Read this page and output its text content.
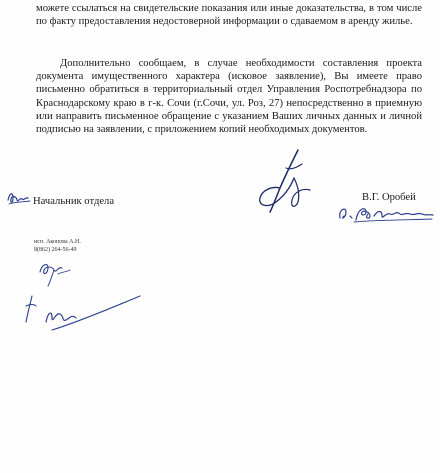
можете ссылаться на свидетельские показания или иные доказательства, в том числе по факту предоставления недостоверной информации о сдаваемом в аренду жилье.

Дополнительно сообщаем, в случае необходимости составления проекта документа имущественного характера (исковое заявление), Вы имеете право письменно обратиться в территориальный отдел Управления Роспотребнадзора по Краснодарскому краю в г-к. Сочи (г.Сочи, ул. Роз, 27) непосредственно в приемную или направить письменное обращение с указанием Ваших личных данных и личной подписью на заявлении, с приложением копий необходимых документов.

Начальник отдела	В.Г. Оробей
исп. Акопова А.Н.
8(862) 264-56-49
